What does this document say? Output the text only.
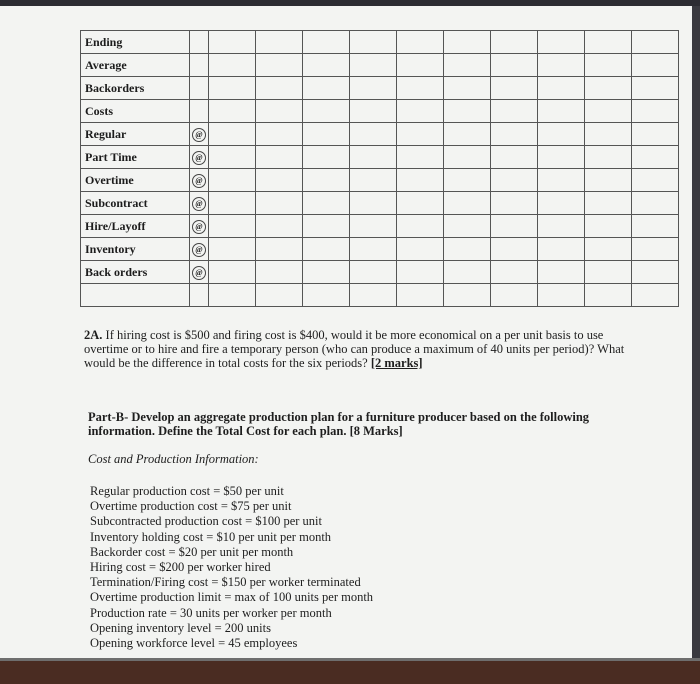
Ending											
Average											
Backorders											
Costs											
Regular	@										
Part Time	@										
Overtime	@										
Subcontract	@										
Hire/Layoff	@										
Inventory	@										
Back orders	@										

2A. If hiring cost is $500 and firing cost is $400, would it be more economical on a per unit basis to use overtime or to hire and fire a temporary person (who can produce a maximum of 40 units per period)? What would be the difference in total costs for the six periods? [2 marks]
Part-B- Develop an aggregate production plan for a furniture producer based on the following information. Define the Total Cost for each plan. [8 Marks]
Cost and Production Information:
Regular production cost = $50 per unit
Overtime production cost = $75 per unit
Subcontracted production cost = $100 per unit
Inventory holding cost = $10 per unit per month
Backorder cost = $20 per unit per month
Hiring cost = $200 per worker hired
Termination/Firing cost = $150 per worker terminated
Overtime production limit = max of 100 units per month
Production rate = 30 units per worker per month
Opening inventory level = 200 units
Opening workforce level = 45 employees
